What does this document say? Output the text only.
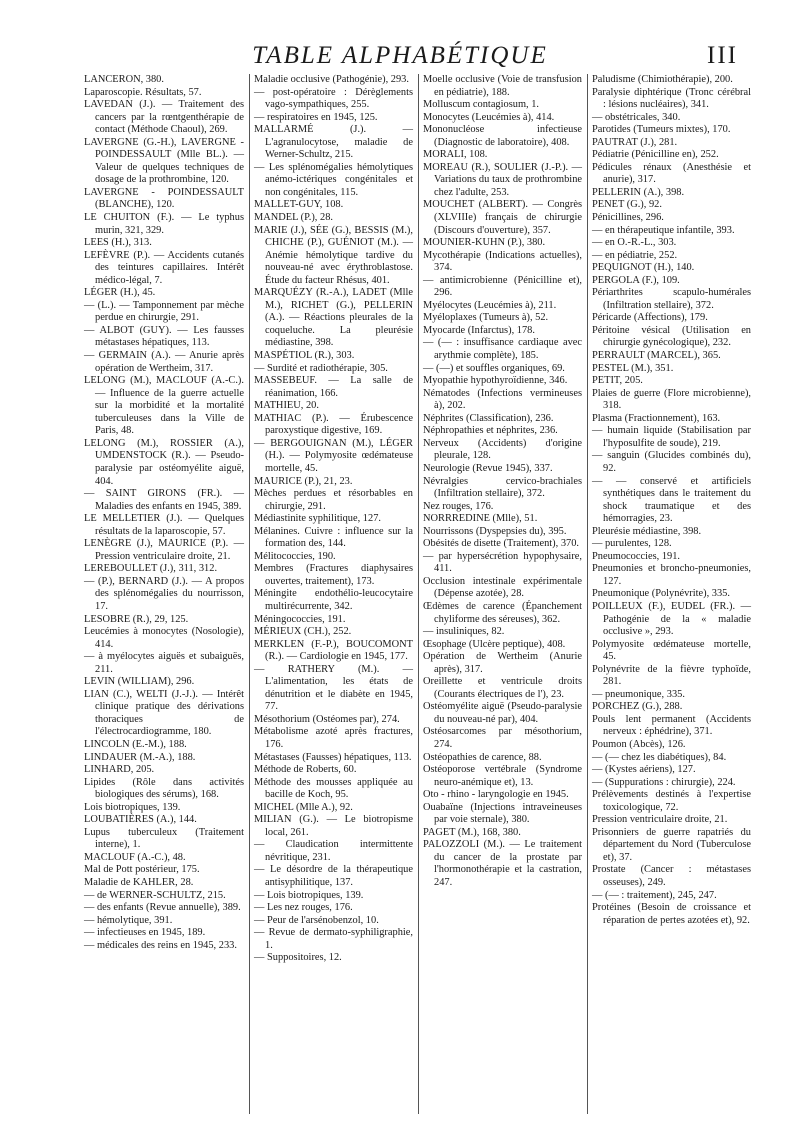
TABLE ALPHABÉTIQUE	III

LANCERON, 380.

Laparoscopie. Résultats, 57.

LAVEDAN (J.). — Traitement des cancers par la rœntgenthérapie de contact (Méthode Chaoul), 269.

LAVERGNE (G.-H.), LAVERGNE - POINDESSAULT (Mlle BL.). — Valeur de quelques techniques de dosage de la prothrombine, 120.

LAVERGNE - POINDESSAULT (BLANCHE), 120.

LE CHUITON (F.). — Le typhus murin, 321, 329.

LEES (H.), 313.

LEFÈVRE (P.). — Accidents cutanés des teintures capillaires. Intérêt médico-légal, 7.

LÉGER (H.), 45.

— (L.). — Tamponnement par mèche perdue en chirurgie, 291.

— ALBOT (GUY). — Les fausses métastases hépatiques, 113.

— GERMAIN (A.). — Anurie après opération de Wertheim, 317.

LELONG (M.), MACLOUF (A.-C.). — Influence de la guerre actuelle sur la morbidité et la mortalité tuberculeuses dans la Ville de Paris, 48.

LELONG (M.), ROSSIER (A.), UMDENSTOCK (R.). — Pseudo-paralysie par ostéomyélite aiguë, 404.

— SAINT GIRONS (FR.). — Maladies des enfants en 1945, 389.

LE MELLETIER (J.). — Quelques résultats de la laparoscopie, 57.

LENÈGRE (J.), MAURICE (P.). — Pression ventriculaire droite, 21.

LEREBOULLET (J.), 311, 312.

— (P.), BERNARD (J.). — A propos des splénomégalies du nourrisson, 17.

LESOBRE (R.), 29, 125.

Leucémies à monocytes (Nosologie), 414.

— à myélocytes aiguës et subaiguës, 211.

LEVIN (WILLIAM), 296.

LIAN (C.), WELTI (J.-J.). — Intérêt clinique pratique des dérivations thoraciques de l'électrocardiogramme, 180.

LINCOLN (E.-M.), 188.

LINDAUER (M.-A.), 188.

LINHARD, 205.

Lipides (Rôle dans activités biologiques des sérums), 168.

Lois biotropiques, 139.

LOUBATIÈRES (A.), 144.

Lupus tuberculeux (Traitement interne), 1.

MACLOUF (A.-C.), 48.

Mal de Pott postérieur, 175.

Maladie de KAHLER, 28.

— de WERNER-SCHULTZ, 215.

— des enfants (Revue annuelle), 389.

— hémolytique, 391.

— infectieuses en 1945, 189.

— médicales des reins en 1945, 233.

Maladie occlusive (Pathogénie), 293.

— post-opératoire : Dérèglements vago-sympathiques, 255.

— respiratoires en 1945, 125.

MALLARMÉ (J.). — L'agranulocytose, maladie de Werner-Schultz, 215.

— Les splénomégalies hémolytiques anémo-ictériques congénitales et non congénitales, 115.

MALLET-GUY, 108.

MANDEL (P.), 28.

MARIE (J.), SÉE (G.), BESSIS (M.), CHICHE (P.), GUÉNIOT (M.). — Anémie hémolytique tardive du nouveau-né avec érythroblastose. Étude du facteur Rhésus, 401.

MARQUÉZY (R.-A.), LADET (Mlle M.), RICHET (G.), PELLERIN (A.). — Réactions pleurales de la coqueluche. La pleurésie médiastine, 398.

MASPÉTIOL (R.), 303.

— Surdité et radiothérapie, 305.

MASSEBEUF. — La salle de réanimation, 166.

MATHIEU, 20.

MATHIAC (P.). — Érubescence paroxystique digestive, 169.

— BERGOUIGNAN (M.), LÉGER (H.). — Polymyosite œdémateuse mortelle, 45.

MAURICE (P.), 21, 23.

Mèches perdues et résorbables en chirurgie, 291.

Médiastinite syphilitique, 127.

Mélanines. Cuivre : influence sur la formation des, 144.

Mélitococcies, 190.

Membres (Fractures diaphysaires ouvertes, traitement), 173.

Méningite endothélio-leucocytaire multirécurrente, 342.

Méningococcies, 191.

MÉRIEUX (CH.), 252.

MERKLEN (F.-P.), BOUCOMONT (R.). — Cardiologie en 1945, 177.

— RATHERY (M.). — L'alimentation, les états de dénutrition et le diabète en 1945, 77.

Mésothorium (Ostéomes par), 274.

Métabolisme azoté après fractures, 176.

Métastases (Fausses) hépatiques, 113.

Méthode de Roberts, 60.

Méthode des mousses appliquée au bacille de Koch, 95.

MICHEL (Mlle A.), 92.

MILIAN (G.). — Le biotropisme local, 261.

— Claudication intermittente névritique, 231.

— Le désordre de la thérapeutique antisyphilitique, 137.

— Lois biotropiques, 139.

— Les nez rouges, 176.

— Peur de l'arsénobenzol, 10.

— Revue de dermato-syphiligraphie, 1.

— Suppositoires, 12.

Moelle occlusive (Voie de transfusion en pédiatrie), 188.

Molluscum contagiosum, 1.

Monocytes (Leucémies à), 414.

Mononucléose infectieuse (Diagnostic de laboratoire), 408.

MORALI, 108.

MOREAU (R.), SOULIER (J.-P.). — Variations du taux de prothrombine chez l'adulte, 253.

MOUCHET (ALBERT). — Congrès (XLVIIIe) français de chirurgie (Discours d'ouverture), 357.

MOUNIER-KUHN (P.), 380.

Mycothérapie (Indications actuelles), 374.

— antimicrobienne (Pénicilline et), 296.

Myélocytes (Leucémies à), 211.

Myéloplaxes (Tumeurs à), 52.

Myocarde (Infarctus), 178.

— (— : insuffisance cardiaque avec arythmie complète), 185.

— (—) et souffles organiques, 69.

Myopathie hypothyroïdienne, 346.

Nématodes (Infections vermineuses à), 202.

Néphrites (Classification), 236.

Néphropathies et néphrites, 236.

Nerveux (Accidents) d'origine pleurale, 128.

Neurologie (Revue 1945), 337.

Névralgies cervico-brachiales (Infiltration stellaire), 372.

Nez rouges, 176.

NORRREDINE (Mlle), 51.

Nourrissons (Dyspepsies du), 395.

Obésités de disette (Traitement), 370.

— par hypersécrétion hypophysaire, 411.

Occlusion intestinale expérimentale (Dépense azotée), 28.

Œdèmes de carence (Épanchement chyliforme des séreuses), 362.

— insuliniques, 82.

Œsophage (Ulcère peptique), 408.

Opération de Wertheim (Anurie après), 317.

Oreillette et ventricule droits (Courants électriques de l'), 23.

Ostéomyélite aiguë (Pseudo-paralysie du nouveau-né par), 404.

Ostéosarcomes par mésothorium, 274.

Ostéopathies de carence, 88.

Ostéoporose vertébrale (Syndrome neuro-anémique et), 13.

Oto - rhino - laryngologie en 1945.

Ouabaïne (Injections intraveineuses par voie sternale), 380.

PAGET (M.), 168, 380.

PALOZZOLI (M.). — Le traitement du cancer de la prostate par l'hormonothérapie et la castration, 247.

Paludisme (Chimiothérapie), 200.

Paralysie diphtérique (Tronc cérébral : lésions nucléaires), 341.

— obstétricales, 340.

Parotides (Tumeurs mixtes), 170.

PAUTRAT (J.), 281.

Pédiatrie (Pénicilline en), 252.

Pédicules rénaux (Anesthésie et anurie), 317.

PELLERIN (A.), 398.

PENET (G.), 92.

Pénicillines, 296.

— en thérapeutique infantile, 393.

— en O.-R.-L., 303.

— en pédiatrie, 252.

PEQUIGNOT (H.), 140.

PERGOLA (F.), 109.

Périarthrites scapulo-humérales (Infiltration stellaire), 372.

Péricarde (Affections), 179.

Péritoine vésical (Utilisation en chirurgie gynécologique), 232.

PERRAULT (MARCEL), 365.

PESTEL (M.), 351.

PETIT, 205.

Plaies de guerre (Flore microbienne), 318.

Plasma (Fractionnement), 163.

— humain liquide (Stabilisation par l'hyposulfite de soude), 219.

— sanguin (Glucides combinés du), 92.

— — conservé et artificiels synthétiques dans le traitement du shock traumatique et des hémorragies, 23.

Pleurésie médiastine, 398.

— purulentes, 128.

Pneumococcies, 191.

Pneumonies et broncho-pneumonies, 127.

Pneumonique (Polynévrite), 335.

POILLEUX (F.), EUDEL (FR.). — Pathogénie de la « maladie occlusive », 293.

Polymyosite œdémateuse mortelle, 45.

Polynévrite de la fièvre typhoïde, 281.

— pneumonique, 335.

PORCHEZ (G.), 288.

Pouls lent permanent (Accidents nerveux : éphédrine), 371.

Poumon (Abcès), 126.

— (— chez les diabétiques), 84.

— (Kystes aériens), 127.

— (Suppurations : chirurgie), 224.

Prélèvements destinés à l'expertise toxicologique, 72.

Pression ventriculaire droite, 21.

Prisonniers de guerre rapatriés du département du Nord (Tuberculose et), 37.

Prostate (Cancer : métastases osseuses), 249.

— (— : traitement), 245, 247.

Protéines (Besoin de croissance et réparation de pertes azotées et), 92.
